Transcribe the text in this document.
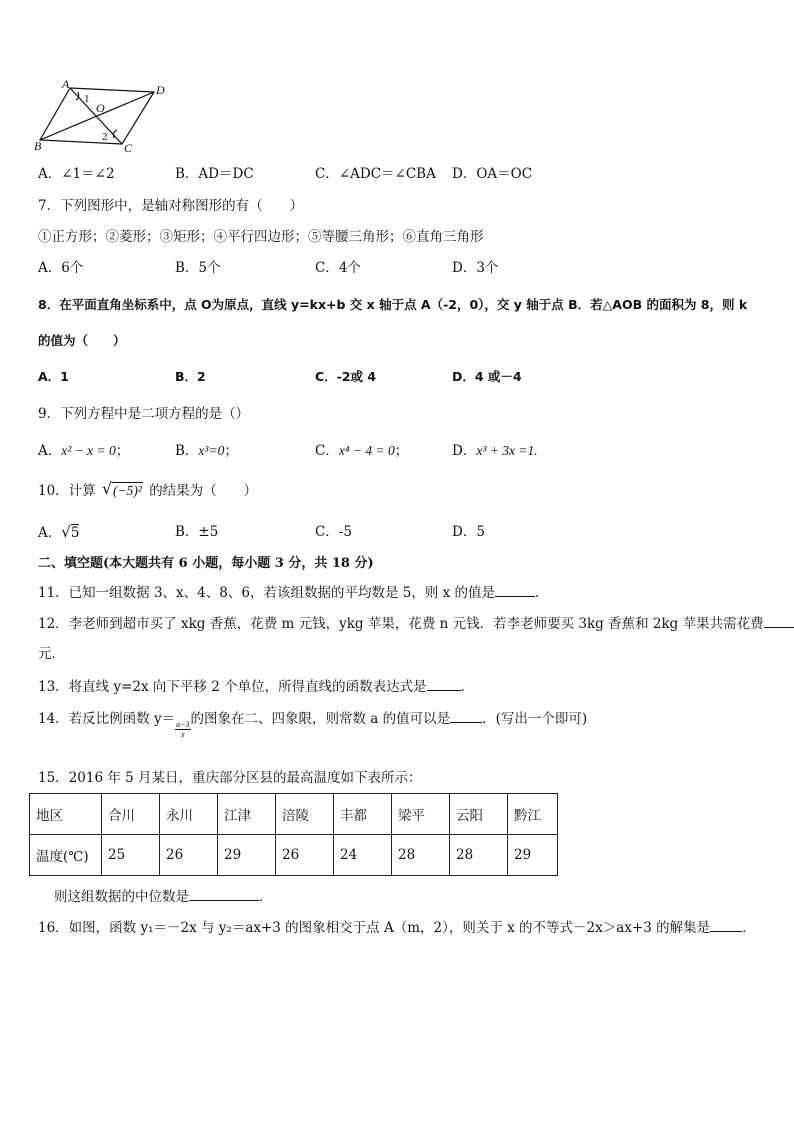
A	D
B	C
O
1
2
A．∠1＝∠2	B．AD＝DC	C．∠ADC＝∠CBA D．OA＝OC
7．下列图形中，是轴对称图形的有（　　）
①正方形；②菱形；③矩形；④平行四边形；⑤等腰三角形；⑥直角三角形
A．6个	B．5个	C．4个	D．3个
8．在平面直角坐标系中，点 O为原点，直线 y=kx+b 交 x 轴于点 A（-2，0），交 y 轴于点 B．若△AOB 的面积为 8，则 k
的值为（　　）
A．1	B．2	C．-2或 4	D．4 或－4
9．下列方程中是二项方程的是（）
A．x² − x = 0；	B．x³=0；	C．x⁴ − 4 = 0；	D．x³ + 3x =1.
10．计算 √ (−5)² 的结果为（　　）
A．√5	B．±5	C．-5	D．5
二、填空题(本大题共有 6 小题，每小题 3 分，共 18 分)
11．已知一组数据 3、x、4、8、6，若该组数据的平均数是 5，则 x 的值是	．
12．李老师到超市买了 xkg 香蕉，花费 m 元钱，ykg 苹果，花费 n 元钱．若李老师要买 3kg 香蕉和 2kg 苹果共需花费
元．
13．将直线 y=2x 向下平移 2 个单位，所得直线的函数表达式是	．
14．若反比例函数 y＝
$\frac{a-3}{x}$
的图象在二、四象限，则常数 a 的值可以是 ．(写出一个即可)
15．2016 年 5 月某日，重庆部分区县的最高温度如下表所示：
地区	合川	永川	江津	涪陵	丰都	梁平	云阳	黔江
温度(℃)	25	26	29	26	24	28	28	29
则这组数据的中位数是	．
16．如图，函数 y₁＝－2x 与 y₂＝ax+3 的图象相交于点 A（m，2），则关于 x 的不等式－2x＞ax+3 的解集是 ．
